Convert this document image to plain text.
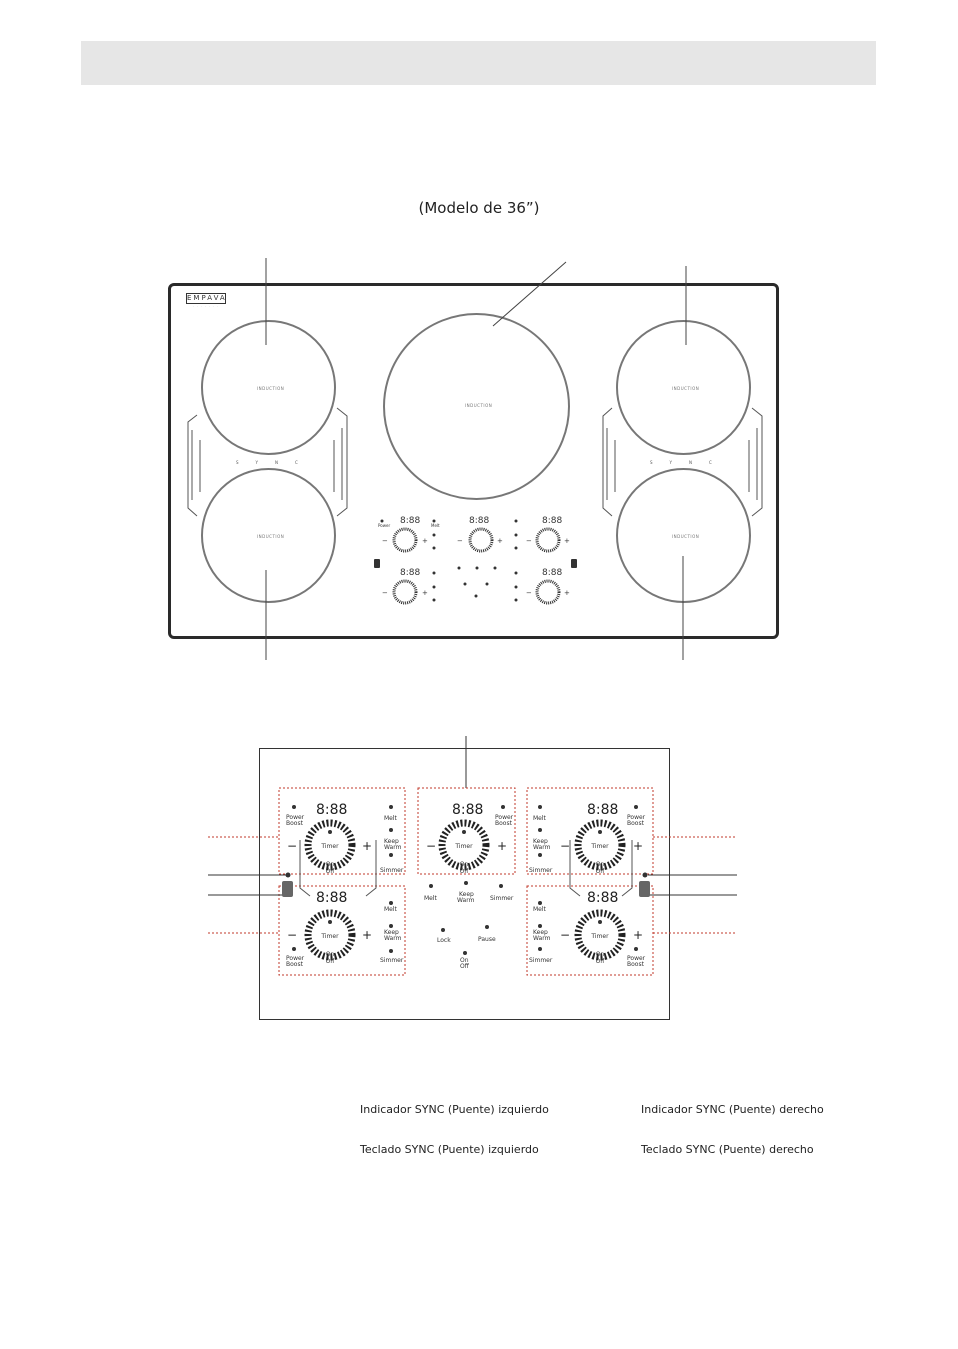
(Modelo de 36”)
EMPAVA
· · · · · · ·
INDUCTION
INDUCTION
INDUCTION
INDUCTION
INDUCTION
SYNC	SYNC
8:88
Power	Melt
−	+
8:88
−	+
8:88
−	+
8:88
−	+
8:88
−	+
Timer
Timer
Timer	Timer
Timer
On
Off
On
Off
On
Off
On
Off
On
Off
8:88
8:88
8:88	8:88
8:88
−	+
−	+
−	+	−	+
−	+
Power
Boost
Melt
Keep
Warm
Simmer
Melt
Keep
Warm
Simmer
Power
Boost
Power
Boost
Melt
Keep
Warm
Simmer
Power
Boost
Melt
Keep
Warm
Simmer	Power
Boost
Melt
Keep
Warm	Simmer
Lock	Pause
On
Off
Indicador SYNC (Puente) izquierdo	Indicador SYNC (Puente) derecho
Teclado SYNC (Puente) izquierdo	Teclado SYNC (Puente) derecho
